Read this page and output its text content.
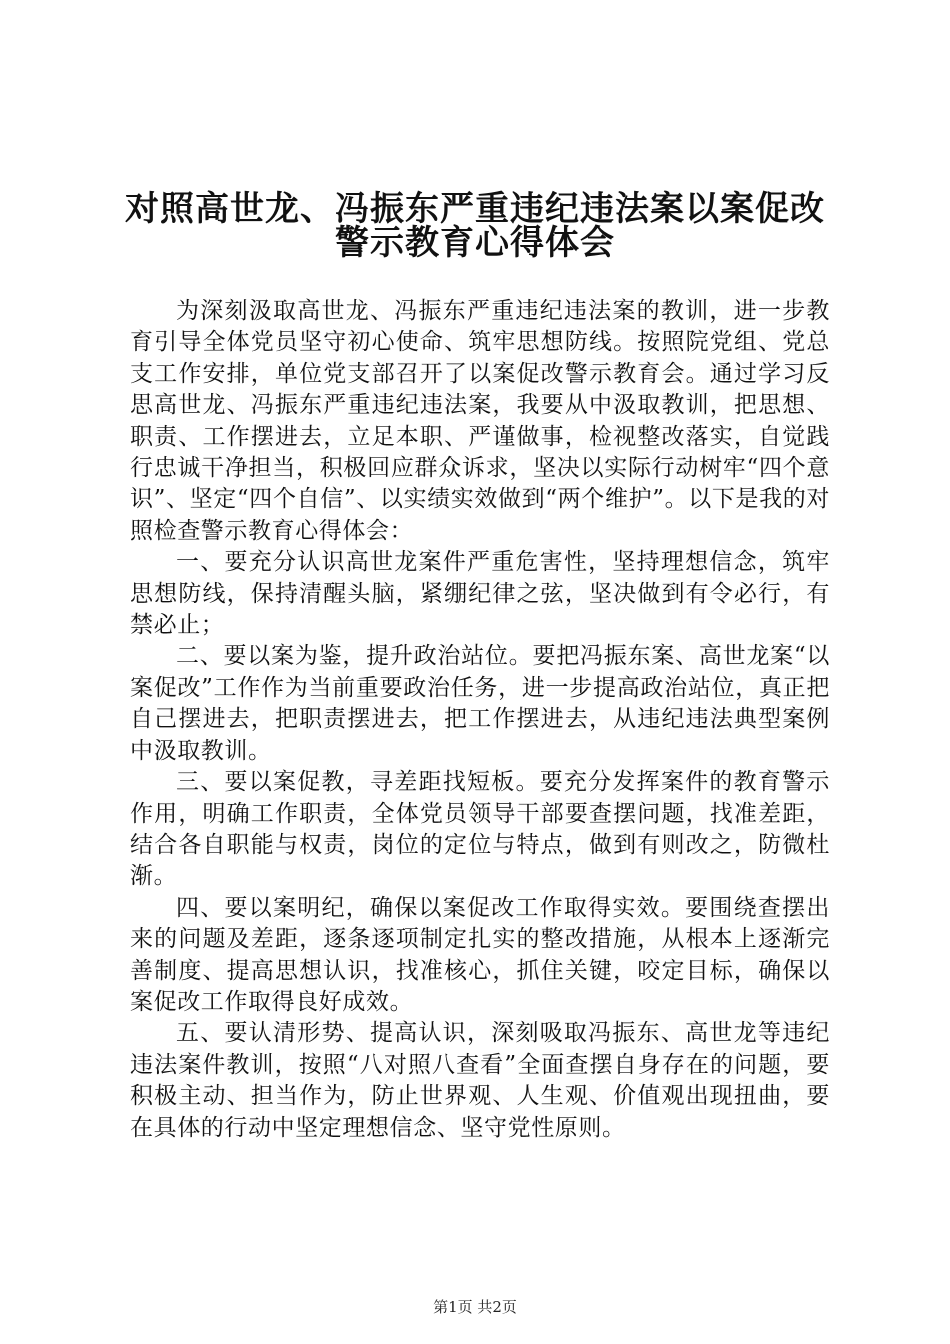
对照高世龙、冯振东严重违纪违法案以案促改
警示教育心得体会

为深刻汲取高世龙、冯振东严重违纪违法案的教训，进一步教育引导全体党员坚守初心使命、筑牢思想防线。按照院党组、党总支工作安排，单位党支部召开了以案促改警示教育会。通过学习反思高世龙、冯振东严重违纪违法案，我要从中汲取教训，把思想、职责、工作摆进去，立足本职、严谨做事，检视整改落实，自觉践行忠诚干净担当，积极回应群众诉求，坚决以实际行动树牢“四个意识”、坚定“四个自信”、以实绩实效做到“两个维护”。以下是我的对照检查警示教育心得体会：

一、要充分认识高世龙案件严重危害性，坚持理想信念，筑牢思想防线，保持清醒头脑，紧绷纪律之弦，坚决做到有令必行，有禁必止；

二、要以案为鉴，提升政治站位。要把冯振东案、高世龙案“以案促改”工作作为当前重要政治任务，进一步提高政治站位，真正把自己摆进去，把职责摆进去，把工作摆进去，从违纪违法典型案例中汲取教训。

三、要以案促教，寻差距找短板。要充分发挥案件的教育警示作用，明确工作职责，全体党员领导干部要查摆问题，找准差距，结合各自职能与权责，岗位的定位与特点，做到有则改之，防微杜渐。

四、要以案明纪，确保以案促改工作取得实效。要围绕查摆出来的问题及差距，逐条逐项制定扎实的整改措施，从根本上逐渐完善制度、提高思想认识，找准核心，抓住关键，咬定目标，确保以案促改工作取得良好成效。

五、要认清形势、提高认识，深刻吸取冯振东、高世龙等违纪违法案件教训，按照“八对照八查看”全面查摆自身存在的问题，要积极主动、担当作为，防止世界观、人生观、价值观出现扭曲，要在具体的行动中坚定理想信念、坚守党性原则。

第1页 共2页
